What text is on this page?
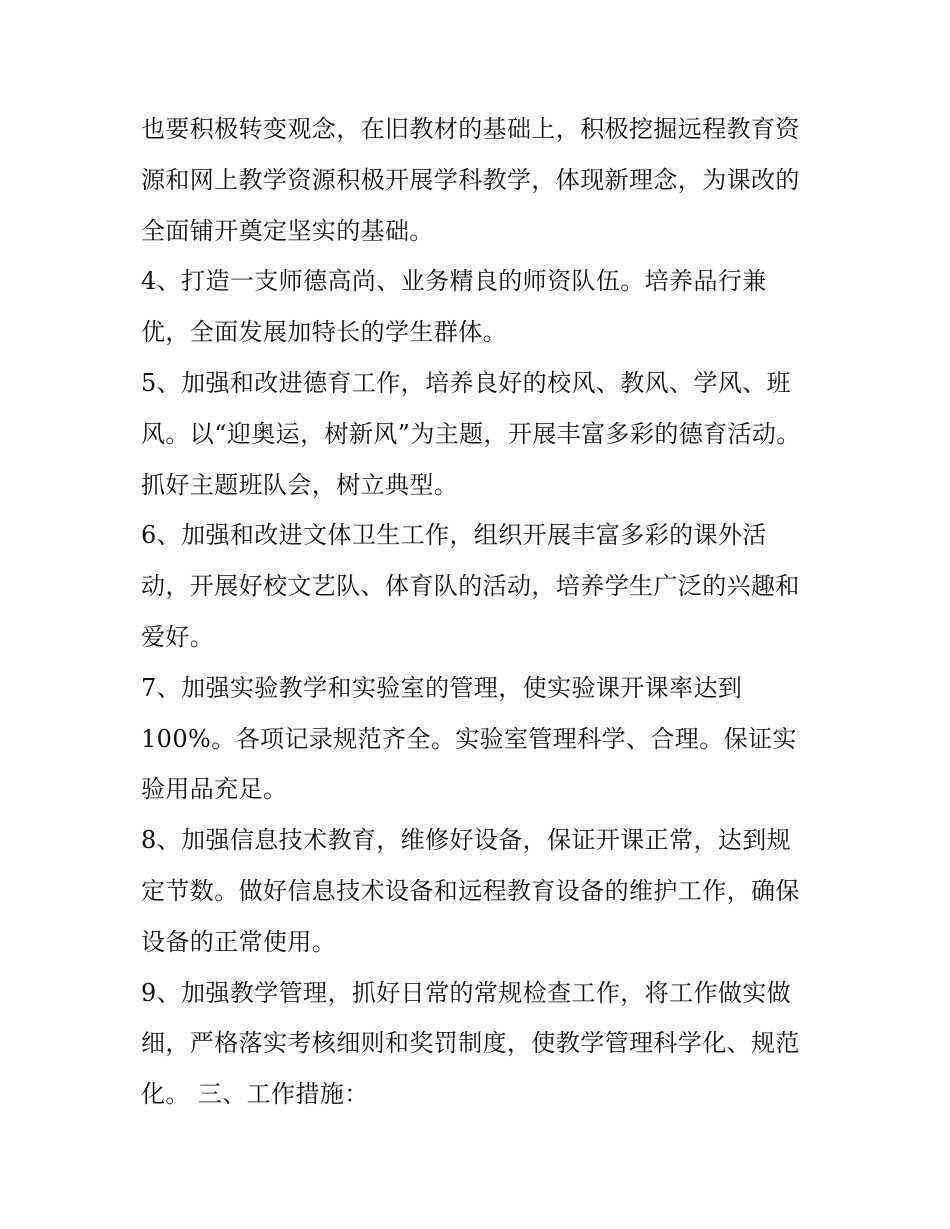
也要积极转变观念，在旧教材的基础上，积极挖掘远程教育资
源和网上教学资源积极开展学科教学，体现新理念，为课改的
全面铺开奠定坚实的基础。
4、打造一支师德高尚、业务精良的师资队伍。培养品行兼
优，全面发展加特长的学生群体。
5、加强和改进德育工作，培养良好的校风、教风、学风、班
风。以“迎奥运，树新风”为主题，开展丰富多彩的德育活动。
抓好主题班队会，树立典型。
6、加强和改进文体卫生工作，组织开展丰富多彩的课外活
动，开展好校文艺队、体育队的活动，培养学生广泛的兴趣和
爱好。
7、加强实验教学和实验室的管理，使实验课开课率达到
100%。各项记录规范齐全。实验室管理科学、合理。保证实
验用品充足。
8、加强信息技术教育，维修好设备，保证开课正常，达到规
定节数。做好信息技术设备和远程教育设备的维护工作，确保
设备的正常使用。
9、加强教学管理，抓好日常的常规检查工作，将工作做实做
细，严格落实考核细则和奖罚制度，使教学管理科学化、规范
化。 三、工作措施：
